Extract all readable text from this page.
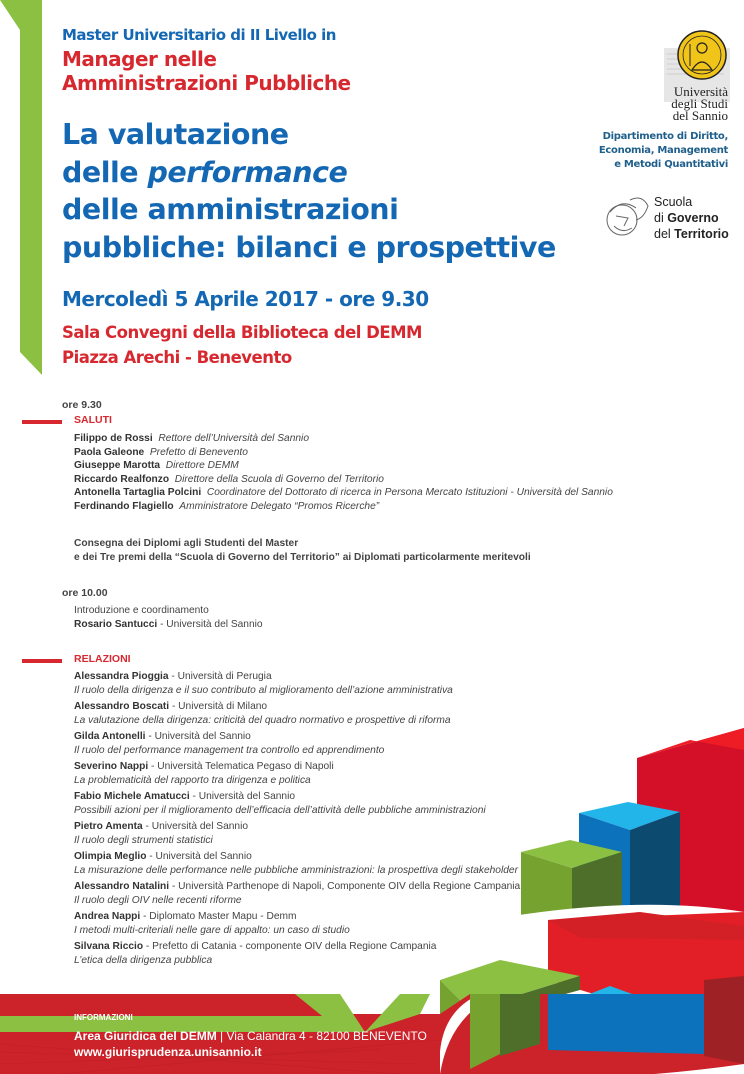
Master Universitario di II Livello in
Manager nelle
Amministrazioni Pubbliche
La valutazione
delle performance
delle amministrazioni
pubbliche: bilanci e prospettive
Mercoledì 5 Aprile 2017 - ore 9.30
Sala Convegni della Biblioteca del DEMM
Piazza Arechi - Benevento
Università
degli Studi
del Sannio
Dipartimento di Diritto,
Economia, Management
e Metodi Quantitativi
Scuola
di Governo
del Territorio
ore 9.30
SALUTI
Filippo de Rossi Rettore dell’Università del Sannio
Paola Galeone Prefetto di Benevento
Giuseppe Marotta Direttore DEMM
Riccardo Realfonzo Direttore della Scuola di Governo del Territorio
Antonella Tartaglia Polcini Coordinatore del Dottorato di ricerca in Persona Mercato Istituzioni - Università del Sannio
Ferdinando Flagiello Amministratore Delegato “Promos Ricerche”
Consegna dei Diplomi agli Studenti del Master
e dei Tre premi della “Scuola di Governo del Territorio” ai Diplomati particolarmente meritevoli
ore 10.00
Introduzione e coordinamento
Rosario Santucci - Università del Sannio
RELAZIONI
Alessandra Pioggia - Università di Perugia
Il ruolo della dirigenza e il suo contributo al miglioramento dell’azione amministrativa
Alessandro Boscati - Università di Milano
La valutazione della dirigenza: criticità del quadro normativo e prospettive di riforma
Gilda Antonelli - Università del Sannio
Il ruolo del performance management tra controllo ed apprendimento
Severino Nappi - Università Telematica Pegaso di Napoli
La problematicità del rapporto tra dirigenza e politica
Fabio Michele Amatucci - Università del Sannio
Possibili azioni per il miglioramento dell’efficacia dell’attività delle pubbliche amministrazioni
Pietro Amenta - Università del Sannio
Il ruolo degli strumenti statistici
Olimpia Meglio - Università del Sannio
La misurazione delle performance nelle pubbliche amministrazioni: la prospettiva degli stakeholder
Alessandro Natalini - Università Parthenope di Napoli, Componente OIV della Regione Campania
Il ruolo degli OIV nelle recenti riforme
Andrea Nappi - Diplomato Master Mapu - Demm
I metodi multi-criteriali nelle gare di appalto: un caso di studio
Silvana Riccio - Prefetto di Catania - componente OIV della Regione Campania
L’etica della dirigenza pubblica
INFORMAZIONI
Area Giuridica del DEMM | Via Calandra 4 - 82100 BENEVENTO
www.giurisprudenza.unisannio.it
